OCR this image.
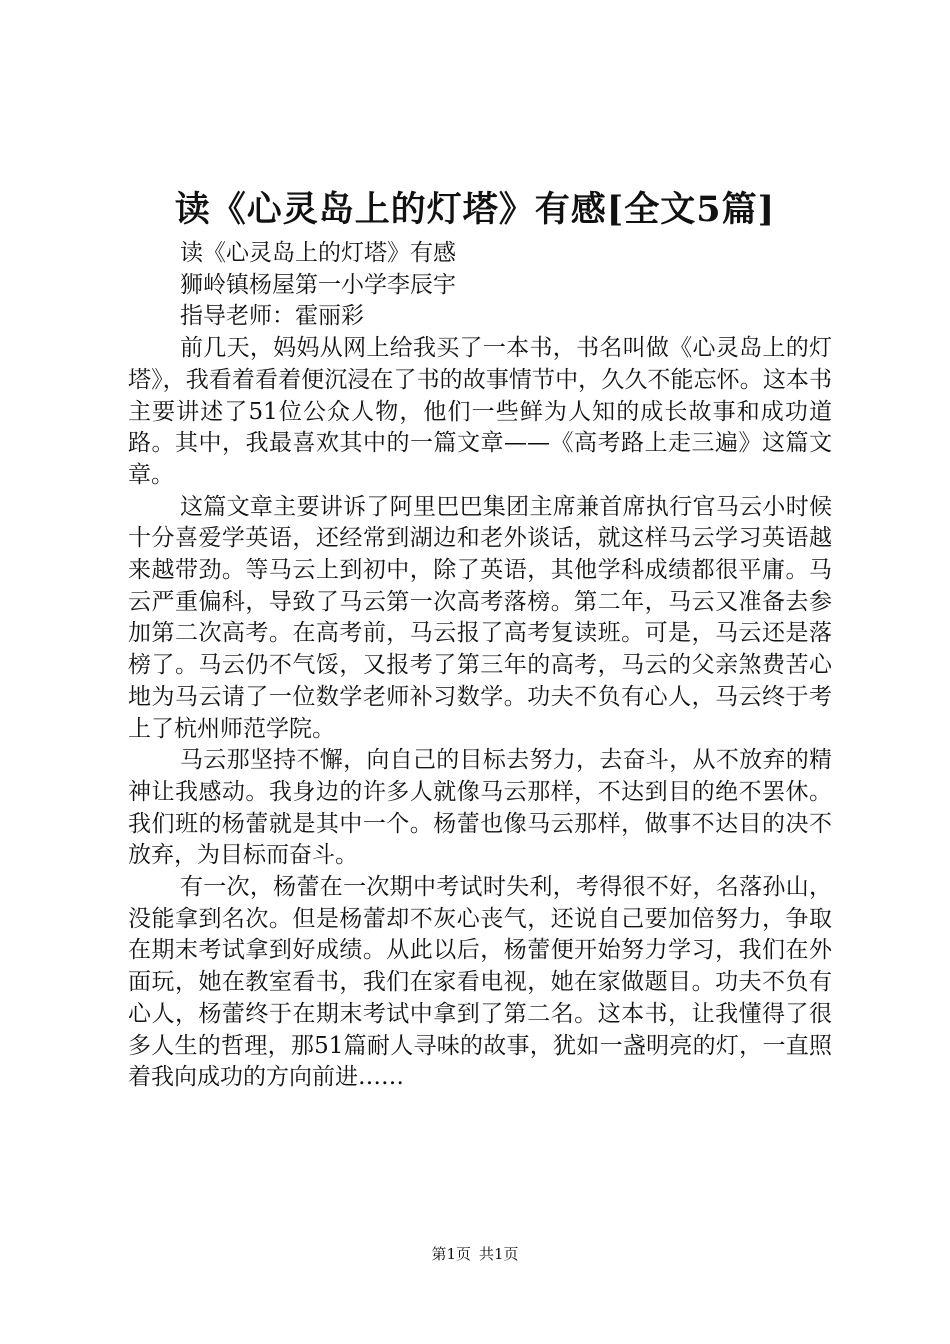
读《心灵岛上的灯塔》有感[全文5篇]

读《心灵岛上的灯塔》有感

狮岭镇杨屋第一小学李辰宇

指导老师：霍丽彩

前几天，妈妈从网上给我买了一本书，书名叫做《心灵岛上的灯塔》，我看着看着便沉浸在了书的故事情节中，久久不能忘怀。这本书主要讲述了51位公众人物，他们一些鲜为人知的成长故事和成功道路。其中，我最喜欢其中的一篇文章——《高考路上走三遍》这篇文章。

这篇文章主要讲诉了阿里巴巴集团主席兼首席执行官马云小时候十分喜爱学英语，还经常到湖边和老外谈话，就这样马云学习英语越来越带劲。等马云上到初中，除了英语，其他学科成绩都很平庸。马云严重偏科，导致了马云第一次高考落榜。第二年，马云又准备去参加第二次高考。在高考前，马云报了高考复读班。可是，马云还是落榜了。马云仍不气馁，又报考了第三年的高考，马云的父亲煞费苦心地为马云请了一位数学老师补习数学。功夫不负有心人，马云终于考上了杭州师范学院。

马云那坚持不懈，向自己的目标去努力，去奋斗，从不放弃的精神让我感动。我身边的许多人就像马云那样，不达到目的绝不罢休。我们班的杨蕾就是其中一个。杨蕾也像马云那样，做事不达目的决不放弃，为目标而奋斗。

有一次，杨蕾在一次期中考试时失利，考得很不好，名落孙山，没能拿到名次。但是杨蕾却不灰心丧气，还说自己要加倍努力，争取在期末考试拿到好成绩。从此以后，杨蕾便开始努力学习，我们在外面玩，她在教室看书，我们在家看电视，她在家做题目。功夫不负有心人，杨蕾终于在期末考试中拿到了第二名。这本书，让我懂得了很多人生的哲理，那51篇耐人寻味的故事，犹如一盏明亮的灯，一直照着我向成功的方向前进……

第1页 共1页
